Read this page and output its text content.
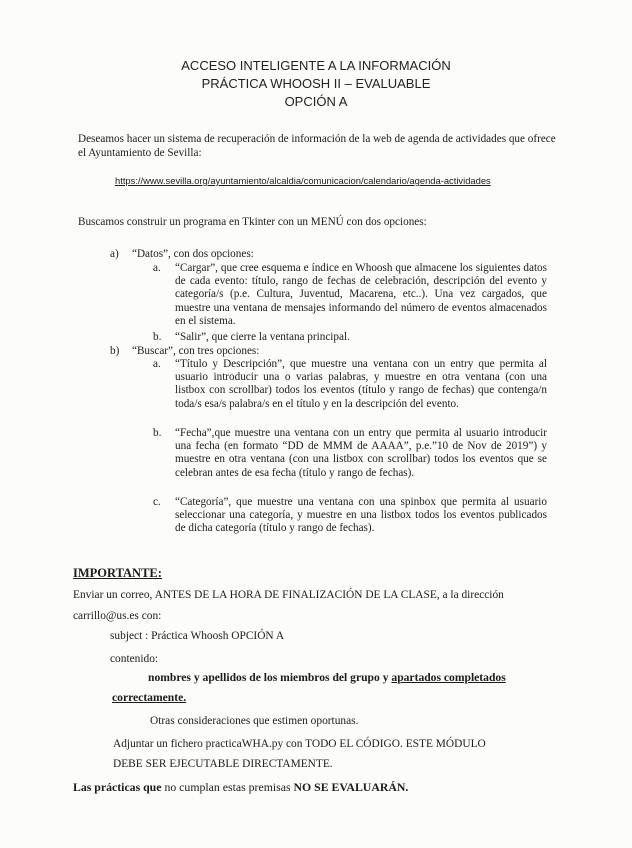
ACCESO INTELIGENTE A LA INFORMACIÓN
PRÁCTICA WHOOSH II – EVALUABLE
OPCIÓN A
Deseamos hacer un sistema de recuperación de información de la web de agenda de actividades que ofrece el Ayuntamiento de Sevilla:
https://www.sevilla.org/ayuntamiento/alcaldia/comunicacion/calendario/agenda-actividades
Buscamos construir un programa en Tkinter con un MENÚ con dos opciones:
a) “Datos”, con dos opciones:
a. “Cargar”, que cree esquema e índice en Whoosh que almacene los siguientes datos de cada evento: título, rango de fechas de celebración, descripción del evento y categoría/s (p.e. Cultura, Juventud, Macarena, etc..). Una vez cargados, que muestre una ventana de mensajes informando del número de eventos almacenados en el sistema.
b. “Salir”, que cierre la ventana principal.
b) “Buscar”, con tres opciones:
a. “Título y Descripción”, que muestre una ventana con un entry que permita al usuario introducir una o varias palabras, y muestre en otra ventana (con una listbox con scrollbar) todos los eventos (título y rango de fechas) que contenga/n toda/s esa/s palabra/s en el título y en la descripción del evento.
b. “Fecha”,que muestre una ventana con un entry que permita al usuario introducir una fecha (en formato “DD de MMM de AAAA”, p.e.”10 de Nov de 2019”) y muestre en otra ventana (con una listbox con scrollbar) todos los eventos que se celebran antes de esa fecha (título y rango de fechas).
c. “Categoría”, que muestre una ventana con una spinbox que permita al usuario seleccionar una categoría, y muestre en una listbox todos los eventos publicados de dicha categoría (título y rango de fechas).
IMPORTANTE:
Enviar un correo, ANTES DE LA HORA DE FINALIZACIÓN DE LA CLASE, a la dirección
carrillo@us.es con:
subject : Práctica Whoosh OPCIÓN A
contenido:
nombres y apellidos de los miembros del grupo y apartados completados
correctamente.
Otras consideraciones que estimen oportunas.
Adjuntar un fichero practicaWHA.py con TODO EL CÓDIGO. ESTE MÓDULO
DEBE SER EJECUTABLE DIRECTAMENTE.
Las prácticas que no cumplan estas premisas NO SE EVALUARÁN.
